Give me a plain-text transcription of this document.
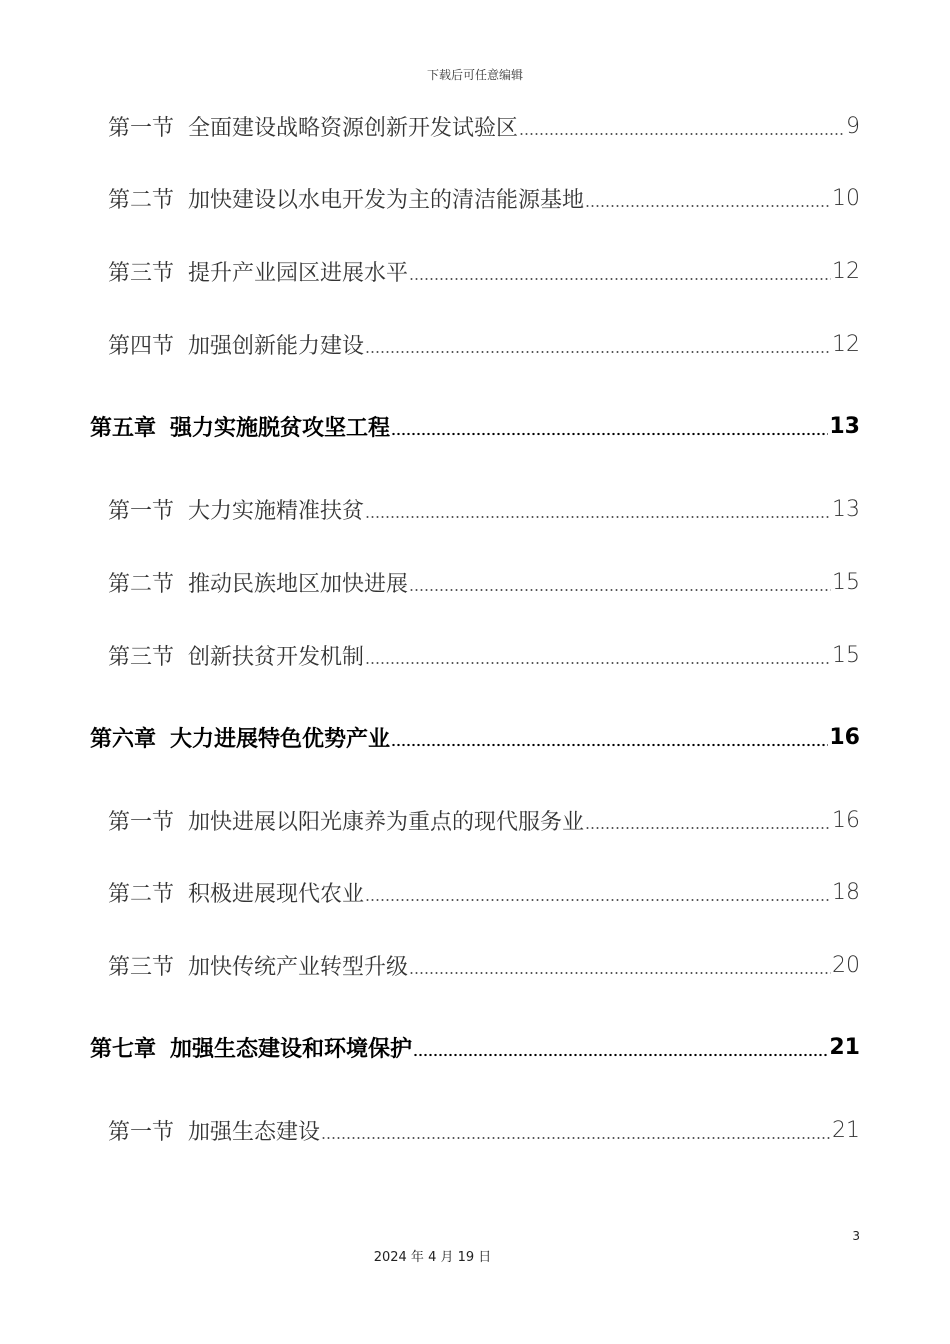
下载后可任意编辑
第一节 全面建设战略资源创新开发试验区	9
第二节 加快建设以水电开发为主的清洁能源基地	10
第三节 提升产业园区进展水平	12
第四节 加强创新能力建设	12
第五章 强力实施脱贫攻坚工程	13
第一节 大力实施精准扶贫	13
第二节 推动民族地区加快进展	15
第三节 创新扶贫开发机制	15
第六章 大力进展特色优势产业	16
第一节 加快进展以阳光康养为重点的现代服务业	16
第二节 积极进展现代农业	18
第三节 加快传统产业转型升级	20
第七章 加强生态建设和环境保护	21
第一节 加强生态建设	21
3
2024 年 4 月 19 日
